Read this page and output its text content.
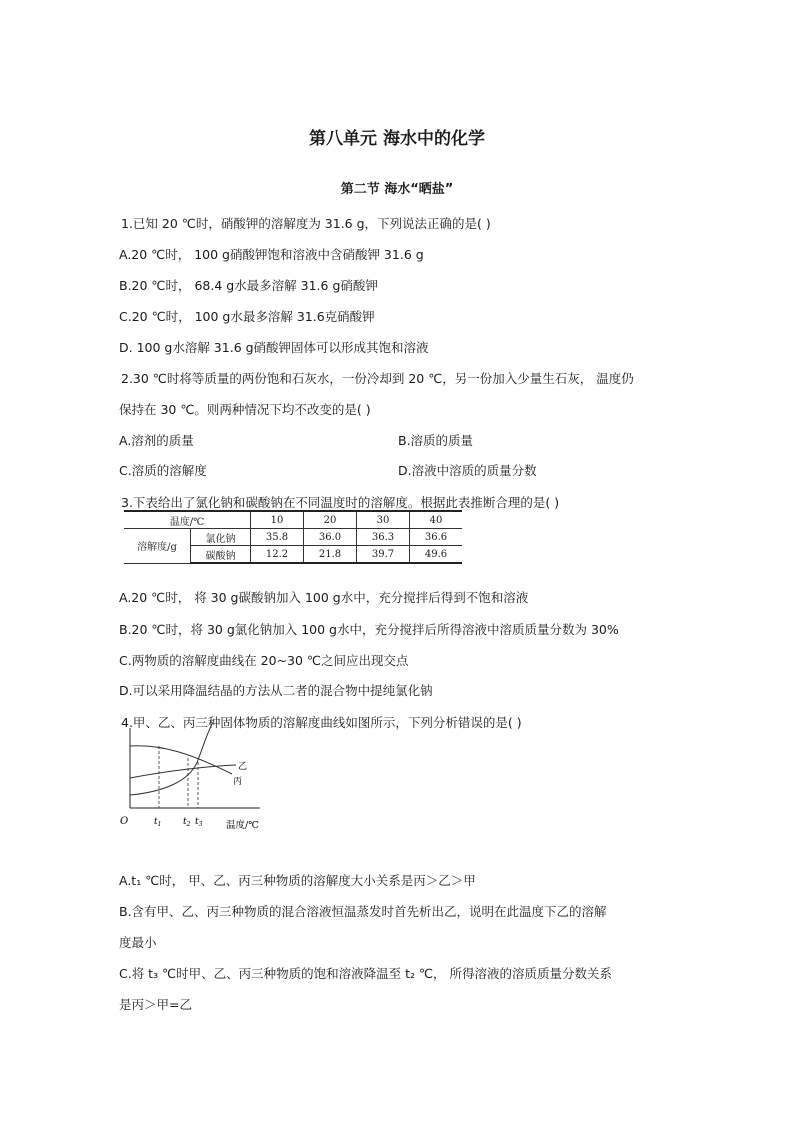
第八单元 海水中的化学
第二节 海水“晒盐”
1.已知 20 ℃时，硝酸钾的溶解度为 31.6 g，下列说法正确的是( )
A.20 ℃时， 100 g硝酸钾饱和溶液中含硝酸钾 31.6 g
B.20 ℃时， 68.4 g水最多溶解 31.6 g硝酸钾
C.20 ℃时， 100 g水最多溶解 31.6克硝酸钾
D. 100 g水溶解 31.6 g硝酸钾固体可以形成其饱和溶液
2.30 ℃时将等质量的两份饱和石灰水，一份冷却到 20 ℃，另一份加入少量生石灰， 温度仍
保持在 30 ℃。则两种情况下均不改变的是( )
A.溶剂的质量	B.溶质的质量
C.溶质的溶解度	D.溶液中溶质的质量分数
3.下表给出了氯化钠和碳酸钠在不同温度时的溶解度。根据此表推断合理的是( )
温度/℃		10	20	30	40
溶解度/g	氯化钠	35.8	36.0	36.3	36.6
	碳酸钠	12.2	21.8	39.7	49.6
A.20 ℃时， 将 30 g碳酸钠加入 100 g水中，充分搅拌后得到不饱和溶液
B.20 ℃时，将 30 g氯化钠加入 100 g水中，充分搅拌后所得溶液中溶质质量分数为 30%
C.两物质的溶解度曲线在 20~30 ℃之间应出现交点
D.可以采用降温结晶的方法从二者的混合物中提纯氯化钠
4.甲、乙、丙三种固体物质的溶解度曲线如图所示，下列分析错误的是( )
O	$t_1$ $t_2$ $t_3$ 温度/℃
乙
丙
A.t₁ ℃时， 甲、乙、丙三种物质的溶解度大小关系是丙＞乙＞甲
B.含有甲、乙、丙三种物质的混合溶液恒温蒸发时首先析出乙，说明在此温度下乙的溶解
度最小
C.将 t₃ ℃时甲、乙、丙三种物质的饱和溶液降温至 t₂ ℃， 所得溶液的溶质质量分数关系
是丙＞甲=乙
